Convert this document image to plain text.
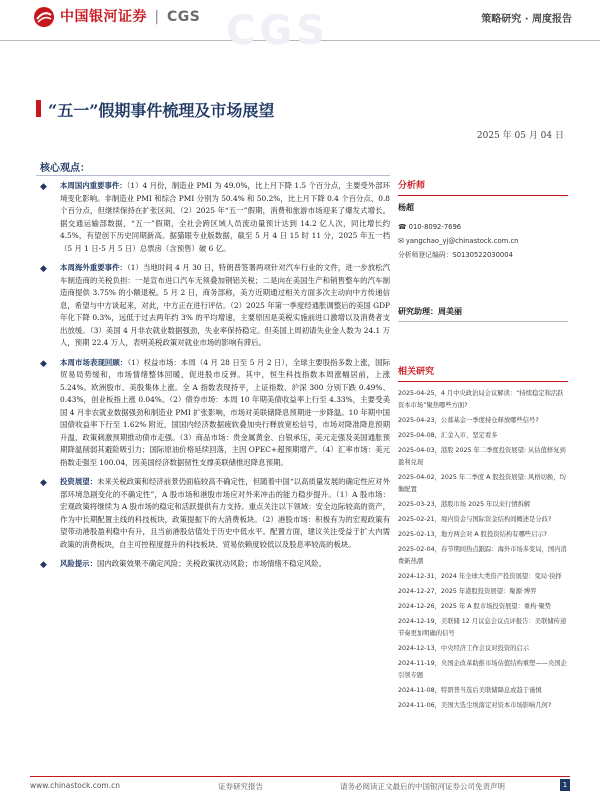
中国银河证券 | CGS CGS	策略研究 · 周度报告
“五一”假期事件梳理及市场展望
2025 年 05 月 04 日
核心观点：
◆ 本周国内重要事件：（1）4 月份，制造业 PMI 为 49.0%，比上月下降 1.5 个百分点，主要受外部环境变化影响。非制造业 PMI 和综合 PMI 分别为 50.4% 和 50.2%，比上月下降 0.4 个百分点、0.8 个百分点，但继续保持在扩张区间。（2）2025 年“五一”假期，消费和旅游市场迎来了爆发式增长。据交通运输部数据，“五一”假期，全社会跨区域人员流动量预计达到 14.2 亿人次，同比增长约 4.5%，有望创下历史同期新高。据猫眼专业版数据，截至 5 月 4 日 15 时 11 分，2025 年五一档（5 月 1 日-5 月 5 日）总票房（含预售）破 6 亿。
◆ 本周海外重要事件：（1）当地时间 4 月 30 日，特朗普签署两项针对汽车行业的文件，进一步放松汽车制造商的关税负担：一是宣布进口汽车无须叠加钢铝关税；二是向在美国生产和销售整车的汽车制造商提供 3.75% 的小额退税。5 月 2 日，商务部称，美方近期通过相关方面多次主动向中方传递信息，希望与中方谈起来，对此，中方正在进行评估。（2）2025 年第一季度经通胀调整后的美国 GDP 年化下降 0.3%，远低于过去两年约 3% 的平均增速，主要原因是美税实施前进口激增以及消费者支出放缓。（3）美国 4 月非农就业数据强劲，失业率保持稳定。但美国上周初请失业金人数为 24.1 万人，预期 22.4 万人，表明美税政策对就业市场的影响有滞后。
◆ 本周市场表现回顾：（1）权益市场：本周（4 月 28 日至 5 月 2 日），全球主要股指多数上涨，国际贸易局势缓和，市场情绪整体回暖，促进股市反弹。其中，恒生科技指数本周涨幅居前，上涨 5.24%。欧洲股市、美股集体上涨。全 A 指数表现持平，上证指数、沪深 300 分别下跌 0.49%、0.43%，创业板指上涨 0.04%。（2）债券市场：本周 10 年期美债收益率上行至 4.33%，主要受美国 4 月非农就业数据强劲和制造业 PMI 扩张影响，市场对美联储降息预期进一步降温。10 年期中国国债收益率下行至 1.62% 附近，国国内经济数据疲软叠加央行释放宽松信号，市场对降准降息预期升温，政策刺激预期推动债市走强。（3）商品市场：贵金属黄金、白银承压，美元走强及美国通胀预期降温削弱其避险吸引力；国际原油价格延续回落，主因 OPEC+超预期增产。（4）汇率市场：美元指数走强至 100.04，因美国经济数据韧性支撑美联储推迟降息预期。
◆ 投资展望：未来关税政策和经济前景仍面临较高不确定性，但随着中国“以高质量发展的确定性应对外部环境急剧变化的不确定性”，A 股市场和港股市场应对外来冲击的能力稳步提升。（1）A 股市场：宏观政策将继续为 A 股市场的稳定和活跃提供有力支持。重点关注以下领域：安全边际较高的资产，作为中长期配置主线的科技板块，政策提振下的大消费板块。（2）港股市场：积极有为的宏观政策有望带动港股盈利稳中有升，且当前港股估值处于历史中低水平。配置方面，建议关注受益于扩大内需政策的消费板块，自主可控程度提升的科技板块、贸易依赖度较低以及股息率较高的板块。
◆ 风险提示：国内政策效果不确定风险；关税政策扰动风险；市场情绪不稳定风险。
分析师
杨超
☎ 010-8092-7696
✉ yangchao_yj@chinastock.com.cn
分析师登记编码：S0130522030004
研究助理：周美丽
相关研究
2025-04-25，4 月中央政治局会议解读：“持续稳定和活跃资本市场”聚焦哪些方面?
2025-04-23，公募基金一季度持仓释放哪些信号?
2025-04-08，汇金入市，坚定看多
2025-04-03，港股 2025 年二季度投资展望: 从估值修复到盈利兑现
2025-04-02，2025 年二季度 A 股投资展望: 风格切换，均衡配置
2025-03-23，港股市场 2025 年以来行情拆解
2025-02-21，境内资金与国际资金结构间概述是分歧?
2025-02-13，地方两会对 A 股投资结构有哪些启示?
2025-02-04，春节期间热点跟踪：海外市场多变局，国内消费新热潮
2024-12-31，2024 年全球大类资产投资展望：变局·抉择
2024-12-27，2025 年港股投资展望：聚源·博弈
2024-12-26，2025 年 A 股市场投资展望：重构·聚势
2024-12-19，美联储 12 月议息会议点评报告：美联储传递节奏更加明确的信号
2024-12-13，中央经济工作会议对投资的启示
2024-11-19，央国企改革助推市场估值结构重塑——央国企引领专题
2024-11-08，特朗普当选后美联储降息或趋于谨慎
2024-11-06，美国大选尘埃落定对资本市场影响几何?
www.chinastock.com.cn	证券研究报告	请务必阅读正文最后的中国银河证券公司免责声明	1
